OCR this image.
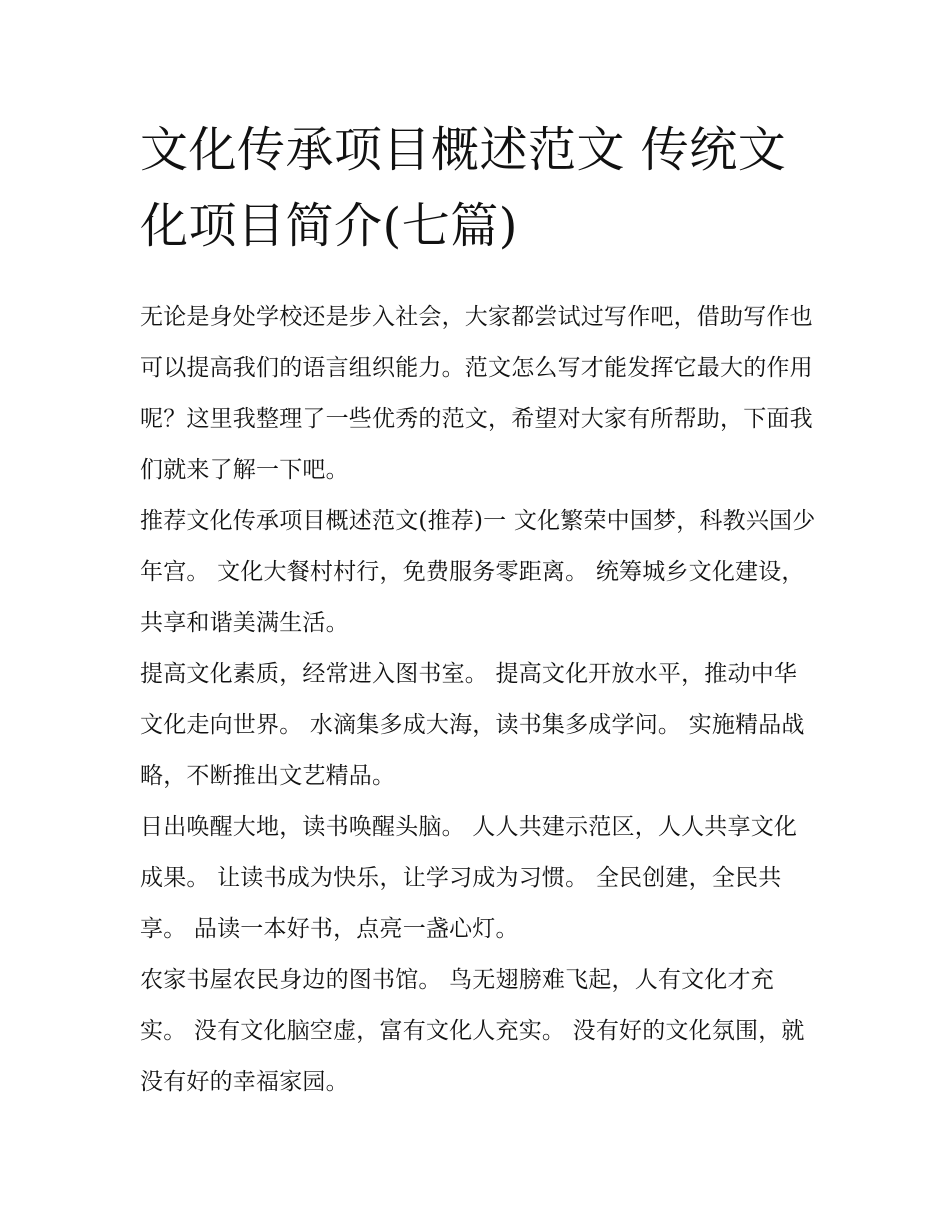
文化传承项目概述范文 传统文化项目简介(七篇)

无论是身处学校还是步入社会，大家都尝试过写作吧，借助写作也可以提高我们的语言组织能力。范文怎么写才能发挥它最大的作用呢？这里我整理了一些优秀的范文，希望对大家有所帮助，下面我们就来了解一下吧。

推荐文化传承项目概述范文(推荐)一 文化繁荣中国梦，科教兴国少年宫。 文化大餐村村行，免费服务零距离。 统筹城乡文化建设，共享和谐美满生活。

提高文化素质，经常进入图书室。 提高文化开放水平，推动中华文化走向世界。 水滴集多成大海，读书集多成学问。 实施精品战略，不断推出文艺精品。

日出唤醒大地，读书唤醒头脑。 人人共建示范区，人人共享文化成果。 让读书成为快乐，让学习成为习惯。 全民创建，全民共享。 品读一本好书，点亮一盏心灯。

农家书屋农民身边的图书馆。 鸟无翅膀难飞起，人有文化才充实。 没有文化脑空虚，富有文化人充实。 没有好的文化氛围，就没有好的幸福家园。
